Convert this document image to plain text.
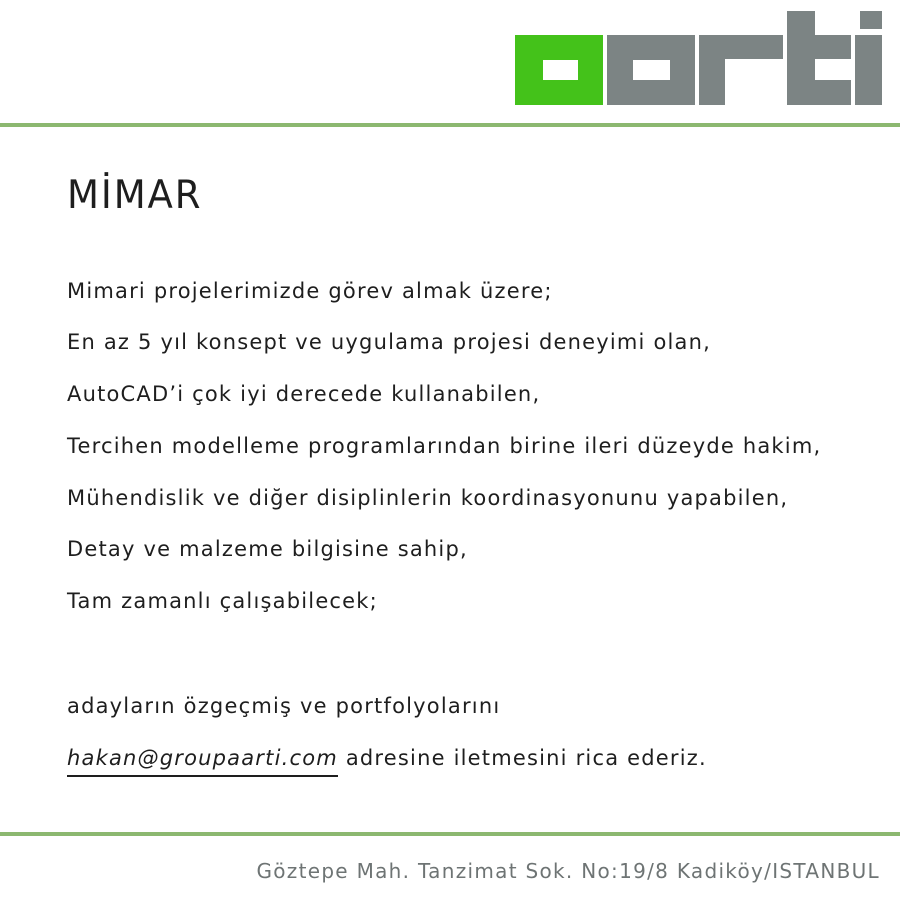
MİMAR
Mimari projelerimizde görev almak üzere;
En az 5 yıl konsept ve uygulama projesi deneyimi olan,
AutoCAD’i çok iyi derecede kullanabilen,
Tercihen modelleme programlarından birine ileri düzeyde hakim,
Mühendislik ve diğer disiplinlerin koordinasyonunu yapabilen,
Detay ve malzeme bilgisine sahip,
Tam zamanlı çalışabilecek;
adayların özgeçmiş ve portfolyolarını
hakan@groupaarti.com adresine iletmesini rica ederiz.
Göztepe Mah. Tanzimat Sok. No:19/8 Kadiköy/ISTANBUL
